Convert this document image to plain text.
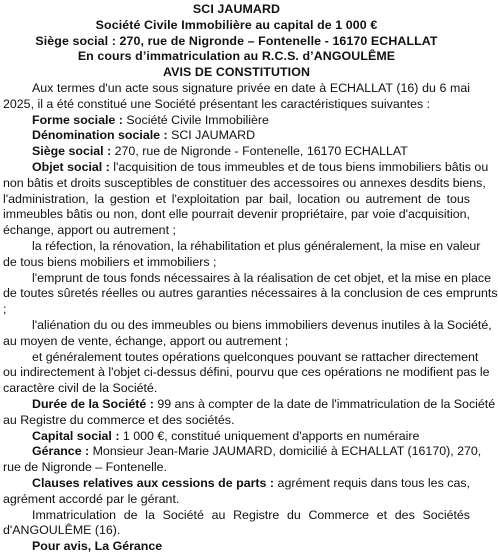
SCI JAUMARD
Société Civile Immobilière au capital de 1 000 €
Siège social : 270, rue de Nigronde – Fontenelle - 16170 ECHALLAT
En cours d’immatriculation au R.C.S. d’ANGOULÊME
AVIS DE CONSTITUTION
Aux termes d'un acte sous signature privée en date à ECHALLAT (16) du 6 mai
2025, il a été constitué une Société présentant les caractéristiques suivantes :
Forme sociale : Société Civile Immobilière
Dénomination sociale : SCI JAUMARD
Siège social : 270, rue de Nigronde - Fontenelle, 16170 ECHALLAT
Objet social : l'acquisition de tous immeubles et de tous biens immobiliers bâtis ou
non bâtis et droits susceptibles de constituer des accessoires ou annexes desdits biens,
l'administration, la gestion et l'exploitation par bail, location ou autrement de tous
immeubles bâtis ou non, dont elle pourrait devenir propriétaire, par voie d'acquisition,
échange, apport ou autrement ;
la réfection, la rénovation, la réhabilitation et plus généralement, la mise en valeur
de tous biens mobiliers et immobiliers ;
l'emprunt de tous fonds nécessaires à la réalisation de cet objet, et la mise en place
de toutes sûretés réelles ou autres garanties nécessaires à la conclusion de ces emprunts
;
l'aliénation du ou des immeubles ou biens immobiliers devenus inutiles à la Société,
au moyen de vente, échange, apport ou autrement ;
et généralement toutes opérations quelconques pouvant se rattacher directement
ou indirectement à l'objet ci-dessus défini, pourvu que ces opérations ne modifient pas le
caractère civil de la Société.
Durée de la Société : 99 ans à compter de la date de l'immatriculation de la Société
au Registre du commerce et des sociétés.
Capital social : 1 000 €, constitué uniquement d'apports en numéraire
Gérance : Monsieur Jean-Marie JAUMARD, domicilié à ECHALLAT (16170), 270,
rue de Nigronde – Fontenelle.
Clauses relatives aux cessions de parts : agrément requis dans tous les cas,
agrément accordé par le gérant.
Immatriculation de la Société au Registre du Commerce et des Sociétés
d'ANGOULÊME (16).
Pour avis, La Gérance
